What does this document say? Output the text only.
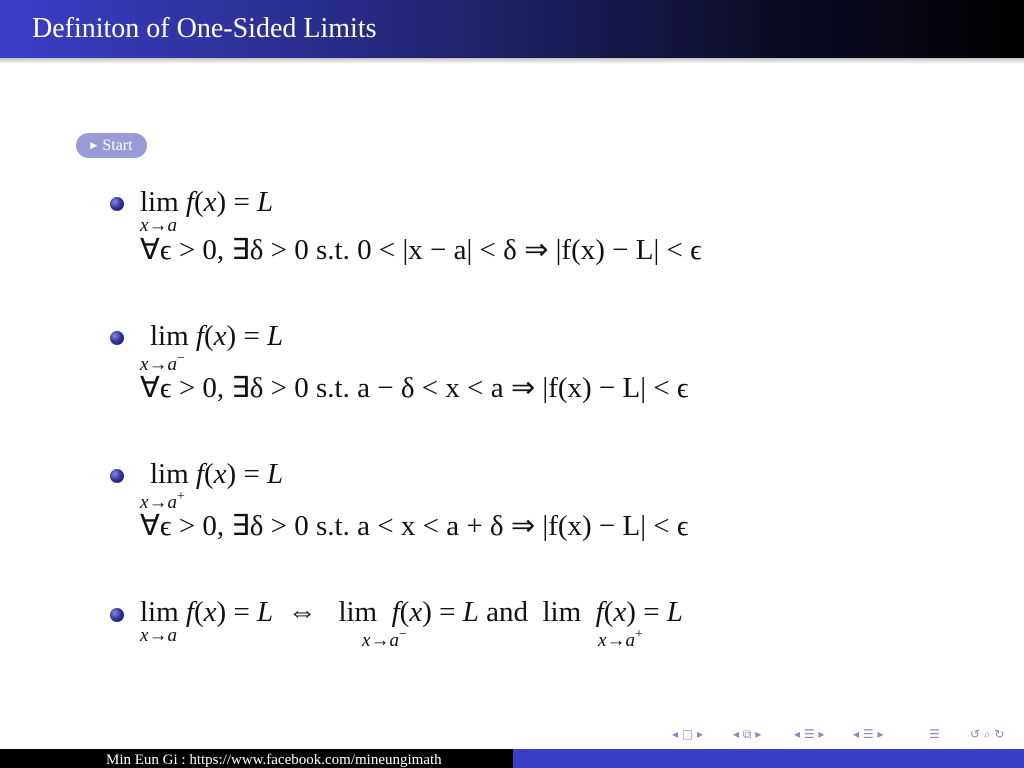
Definiton of One-Sided Limits
▶ Start
lim f(x) = L
x→a
∀ϵ > 0, ∃δ > 0 s.t. 0 < |x − a| < δ ⇒ |f(x) − L| < ϵ
lim f(x) = L
x→a−
∀ϵ > 0, ∃δ > 0 s.t. a − δ < x < a ⇒ |f(x) − L| < ϵ
lim f(x) = L
x→a+
∀ϵ > 0, ∃δ > 0 s.t. a < x < a + δ ⇒ |f(x) − L| < ϵ
lim f(x) = L  ⇔   lim  f(x) = L and  lim  f(x) = L
x→a	x→a−	x→a+
◂ □ ▸ ◂ ⧉ ▸	◂ ☰ ▸ ◂ ☰ ▸	☰	↺ ⌕ ↻
Min Eun Gi : https://www.facebook.com/mineungimath
